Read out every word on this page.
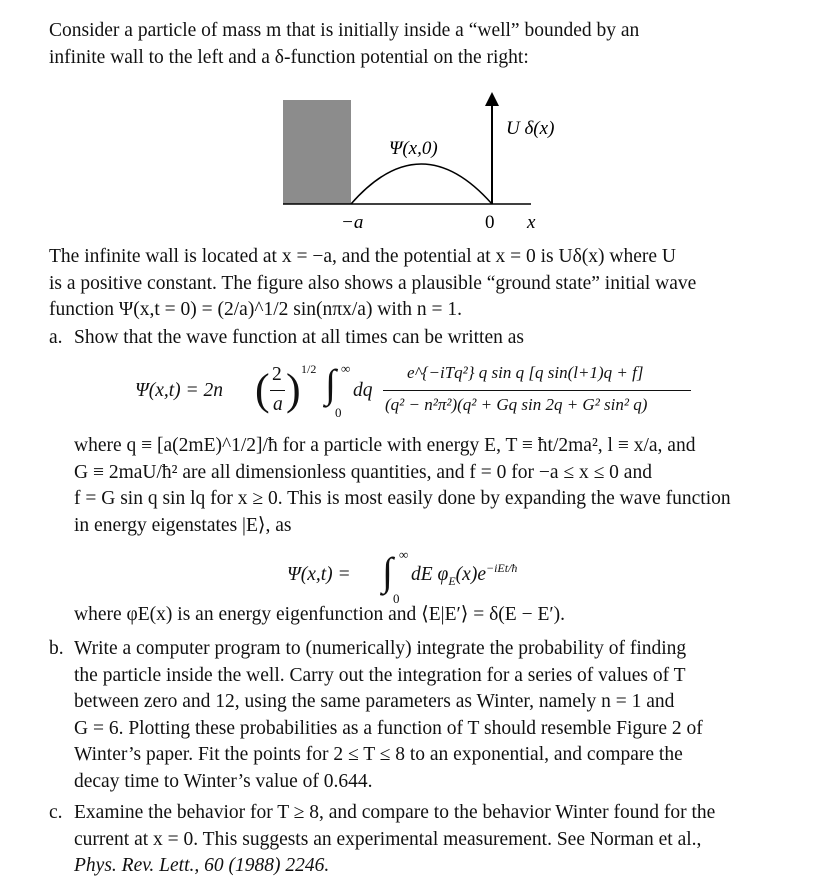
Consider a particle of mass m that is initially inside a “well” bounded by an
infinite wall to the left and a δ-function potential on the right:
U δ(x)
Ψ(x,0)
−a	0 x
The infinite wall is located at x = −a, and the potential at x = 0 is Uδ(x) where U
is a positive constant. The figure also shows a plausible “ground state” initial wave
function Ψ(x,t = 0) = (2/a)^1/2 sin(nπx/a) with n = 1.
a. Show that the wave function at all times can be written as
Ψ(x,t) = 2n ( 2
a ) 1/2 ∫ ∞
0
dq
e^{−iTq²} q sin q [q sin(l+1)q + f]
(q² − n²π²)(q² + Gq sin 2q + G² sin² q)
where q ≡ [a(2mE)^1/2]/ħ for a particle with energy E, T ≡ ħt/2ma², l ≡ x/a, and
G ≡ 2maU/ħ² are all dimensionless quantities, and f = 0 for −a ≤ x ≤ 0 and
f = G sin q sin lq for x ≥ 0. This is most easily done by expanding the wave function
in energy eigenstates |E⟩, as
Ψ(x,t) = ∫ ∞
0
dE $\varphi_E(x)e^{-iEt/ħ}$
where φE(x) is an energy eigenfunction and ⟨E|E′⟩ = δ(E − E′).
b. Write a computer program to (numerically) integrate the probability of finding
the particle inside the well. Carry out the integration for a series of values of T
between zero and 12, using the same parameters as Winter, namely n = 1 and
G = 6. Plotting these probabilities as a function of T should resemble Figure 2 of
Winter’s paper. Fit the points for 2 ≤ T ≤ 8 to an exponential, and compare the
decay time to Winter’s value of 0.644.
c. Examine the behavior for T ≥ 8, and compare to the behavior Winter found for the
current at x = 0. This suggests an experimental measurement. See Norman et al.,
Phys. Rev. Lett., 60 (1988) 2246.
